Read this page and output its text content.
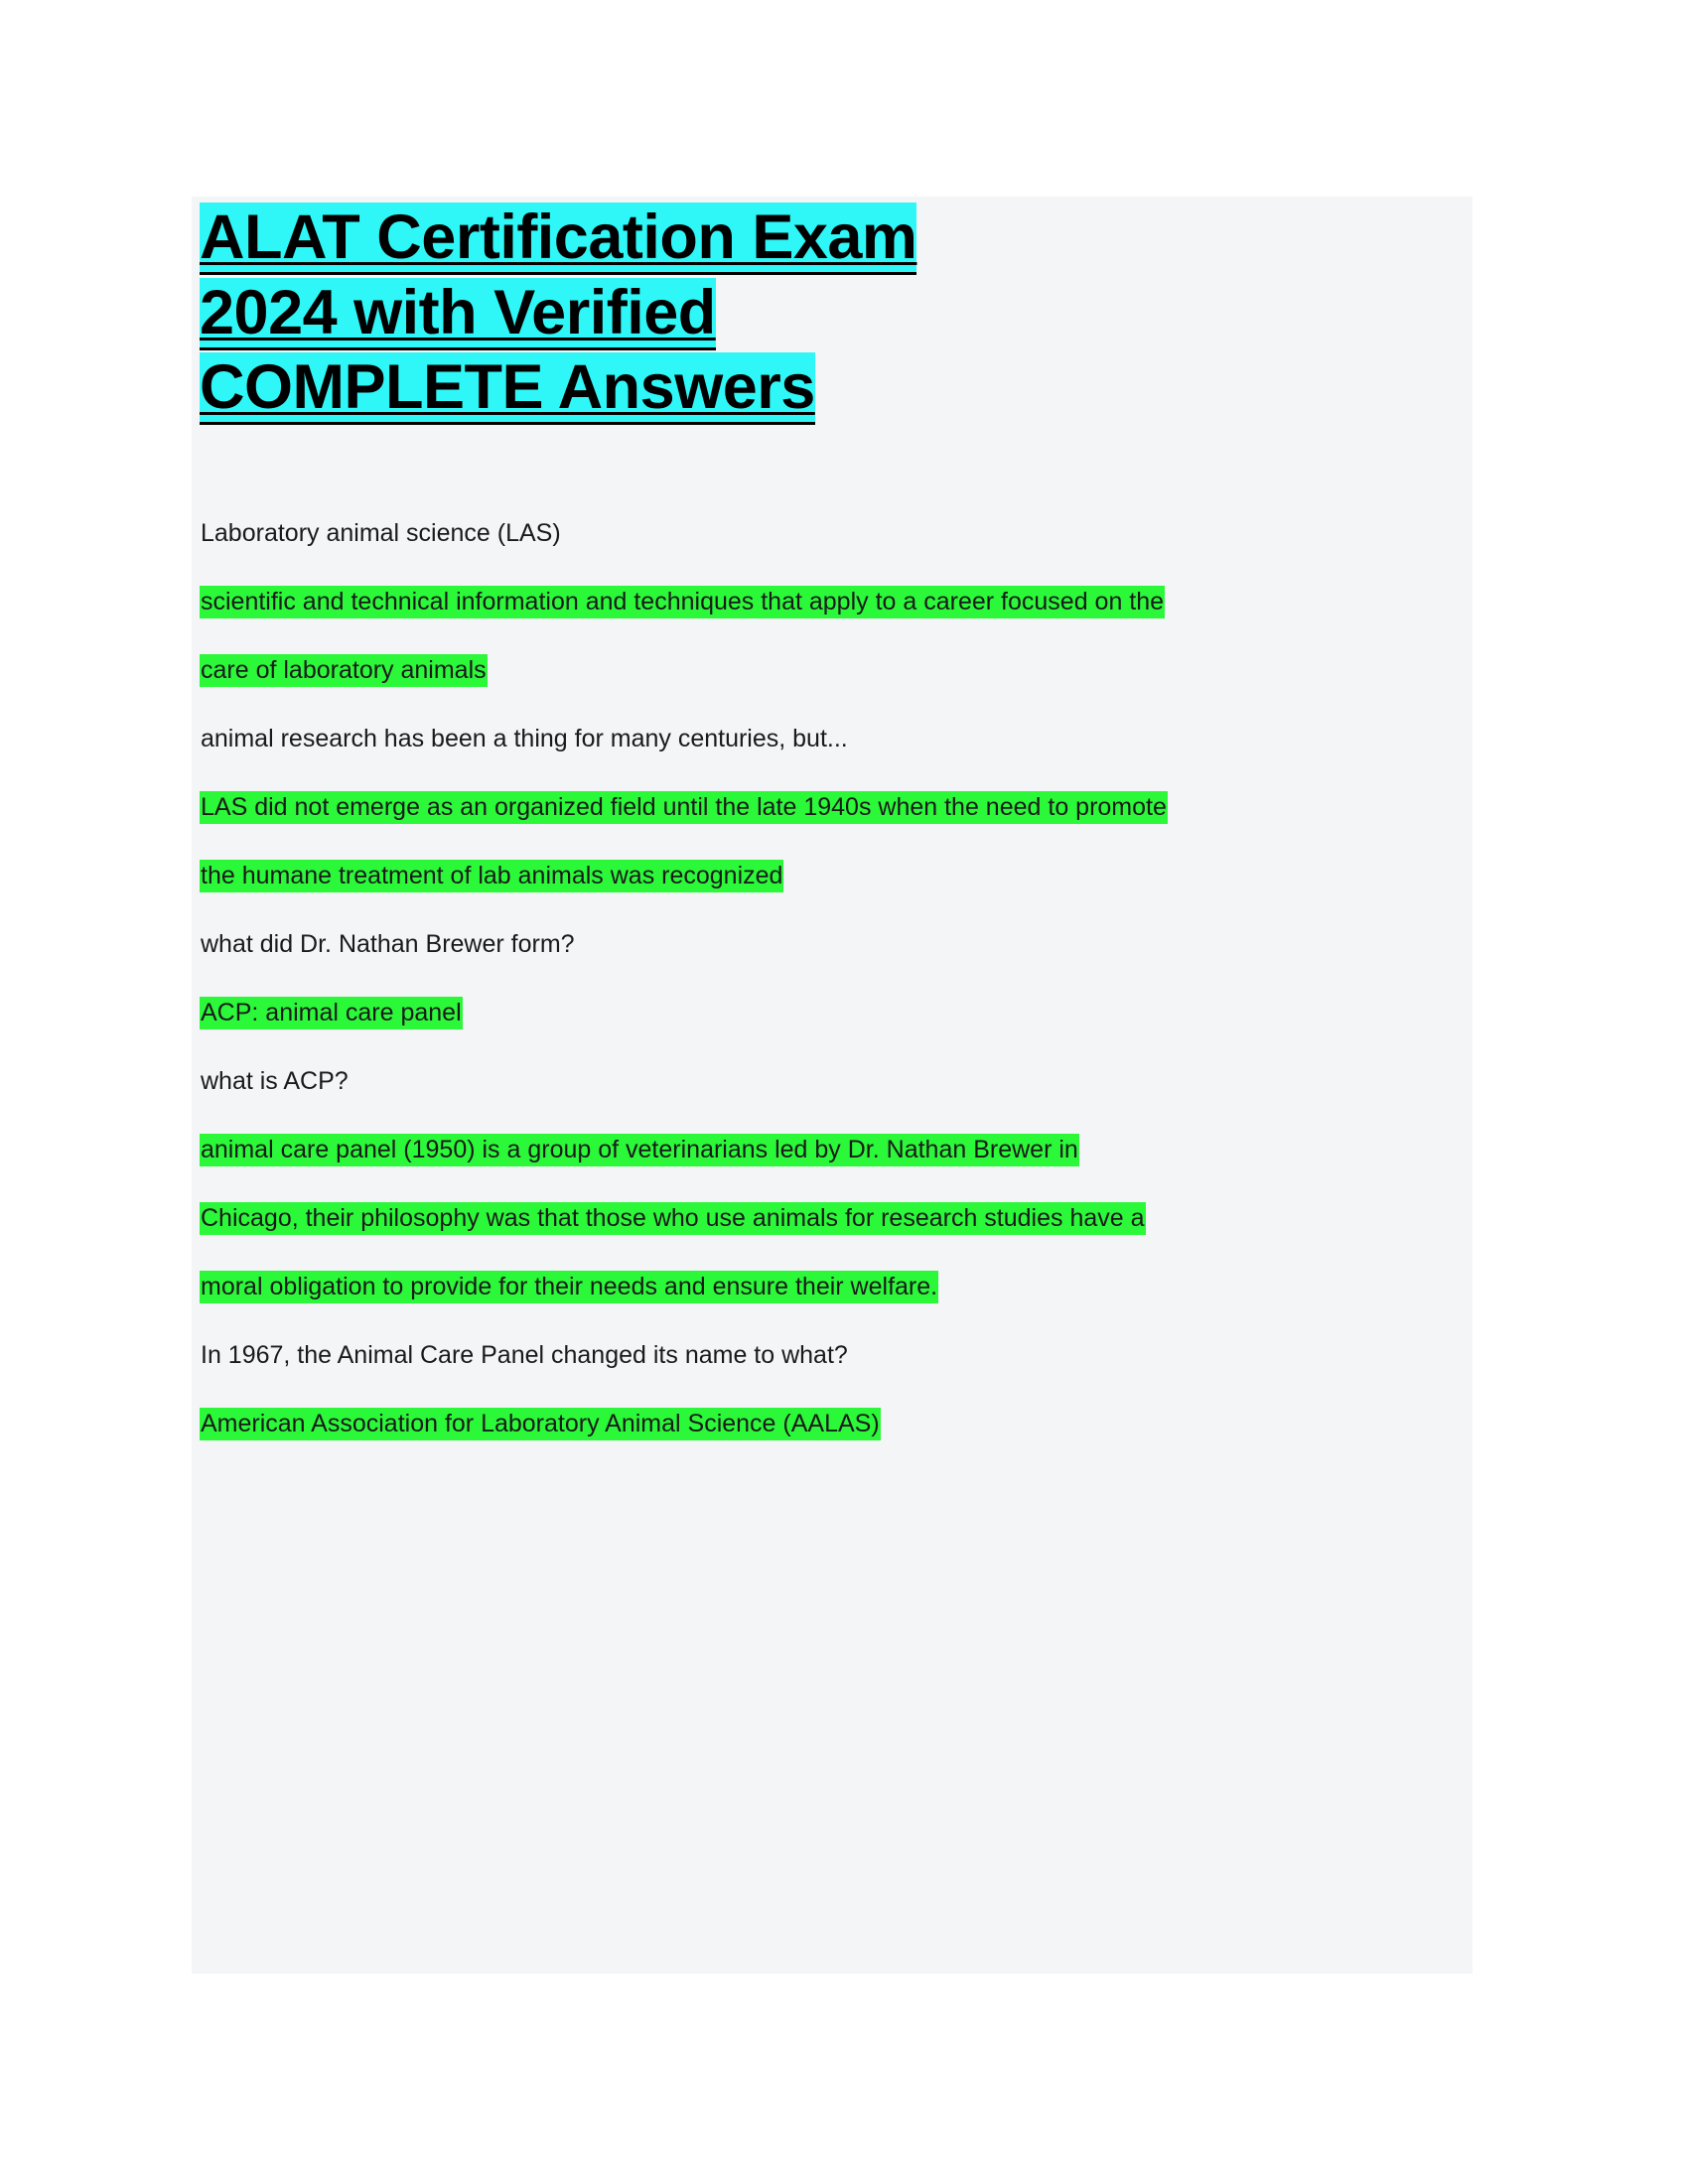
ALAT Certification Exam
2024 with Verified
COMPLETE Answers

Laboratory animal science (LAS)

scientific and technical information and techniques that apply to a career focused on the

care of laboratory animals

animal research has been a thing for many centuries, but...

LAS did not emerge as an organized field until the late 1940s when the need to promote

the humane treatment of lab animals was recognized

what did Dr. Nathan Brewer form?

ACP: animal care panel

what is ACP?

animal care panel (1950) is a group of veterinarians led by Dr. Nathan Brewer in

Chicago, their philosophy was that those who use animals for research studies have a

moral obligation to provide for their needs and ensure their welfare.

In 1967, the Animal Care Panel changed its name to what?

American Association for Laboratory Animal Science (AALAS)
